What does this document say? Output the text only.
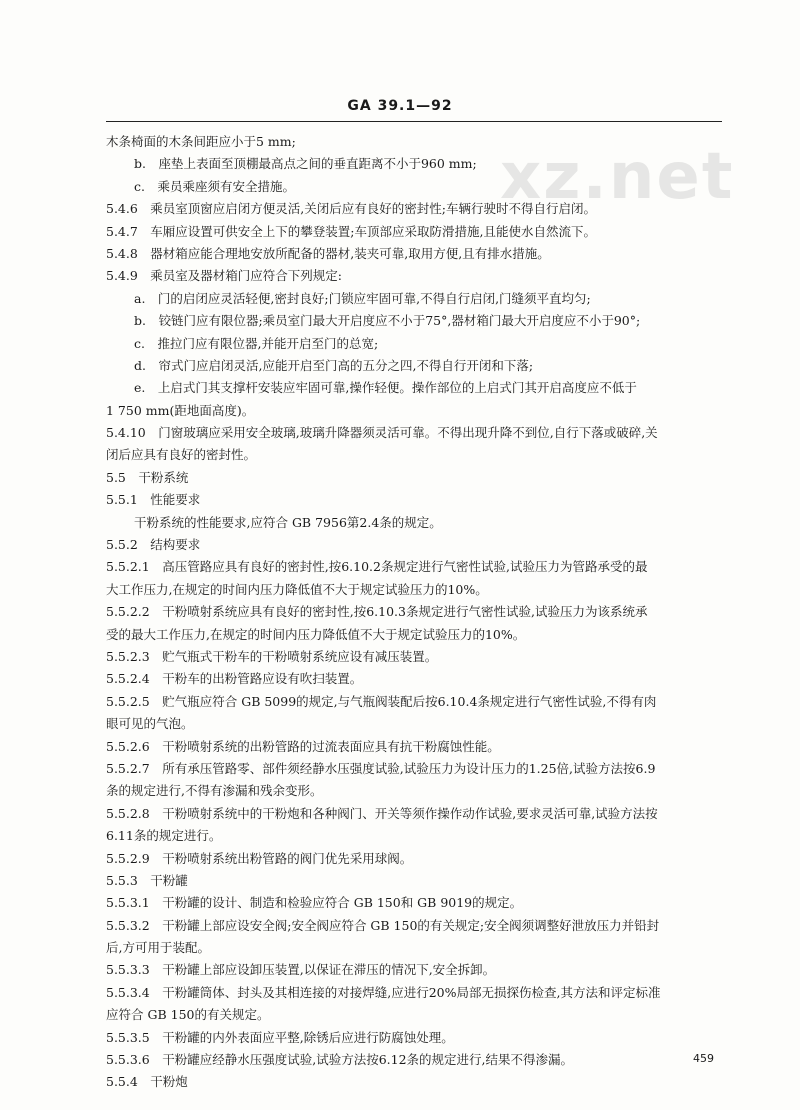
GA 39.1—92
xz.net
木条椅面的木条间距应小于5 mm;
b.　座垫上表面至顶棚最高点之间的垂直距离不小于960 mm;
c.　乘员乘座须有安全措施。
5.4.6　乘员室顶窗应启闭方便灵活,关闭后应有良好的密封性;车辆行驶时不得自行启闭。
5.4.7　车厢应设置可供安全上下的攀登装置;车顶部应采取防滑措施,且能使水自然流下。
5.4.8　器材箱应能合理地安放所配备的器材,装夹可靠,取用方便,且有排水措施。
5.4.9　乘员室及器材箱门应符合下列规定:
a.　门的启闭应灵活轻便,密封良好;门锁应牢固可靠,不得自行启闭,门缝须平直均匀;
b.　铰链门应有限位器;乘员室门最大开启度应不小于75°,器材箱门最大开启度应不小于90°;
c.　推拉门应有限位器,并能开启至门的总宽;
d.　帘式门应启闭灵活,应能开启至门高的五分之四,不得自行开闭和下落;
e.　上启式门其支撑杆安装应牢固可靠,操作轻便。操作部位的上启式门其开启高度应不低于
1 750 mm(距地面高度)。
5.4.10　门窗玻璃应采用安全玻璃,玻璃升降器须灵活可靠。不得出现升降不到位,自行下落或破碎,关
闭后应具有良好的密封性。
5.5　干粉系统
5.5.1　性能要求
干粉系统的性能要求,应符合 GB 7956第2.4条的规定。
5.5.2　结构要求
5.5.2.1　高压管路应具有良好的密封性,按6.10.2条规定进行气密性试验,试验压力为管路承受的最
大工作压力,在规定的时间内压力降低值不大于规定试验压力的10%。
5.5.2.2　干粉喷射系统应具有良好的密封性,按6.10.3条规定进行气密性试验,试验压力为该系统承
受的最大工作压力,在规定的时间内压力降低值不大于规定试验压力的10%。
5.5.2.3　贮气瓶式干粉车的干粉喷射系统应设有减压装置。
5.5.2.4　干粉车的出粉管路应设有吹扫装置。
5.5.2.5　贮气瓶应符合 GB 5099的规定,与气瓶阀装配后按6.10.4条规定进行气密性试验,不得有肉
眼可见的气泡。
5.5.2.6　干粉喷射系统的出粉管路的过流表面应具有抗干粉腐蚀性能。
5.5.2.7　所有承压管路零、部件须经静水压强度试验,试验压力为设计压力的1.25倍,试验方法按6.9
条的规定进行,不得有渗漏和残余变形。
5.5.2.8　干粉喷射系统中的干粉炮和各种阀门、开关等须作操作动作试验,要求灵活可靠,试验方法按
6.11条的规定进行。
5.5.2.9　干粉喷射系统出粉管路的阀门优先采用球阀。
5.5.3　干粉罐
5.5.3.1　干粉罐的设计、制造和检验应符合 GB 150和 GB 9019的规定。
5.5.3.2　干粉罐上部应设安全阀;安全阀应符合 GB 150的有关规定;安全阀须调整好泄放压力并铅封
后,方可用于装配。
5.5.3.3　干粉罐上部应设卸压装置,以保证在滞压的情况下,安全拆卸。
5.5.3.4　干粉罐筒体、封头及其相连接的对接焊缝,应进行20%局部无损探伤检查,其方法和评定标准
应符合 GB 150的有关规定。
5.5.3.5　干粉罐的内外表面应平整,除锈后应进行防腐蚀处理。
5.5.3.6　干粉罐应经静水压强度试验,试验方法按6.12条的规定进行,结果不得渗漏。
5.5.4　干粉炮
459
